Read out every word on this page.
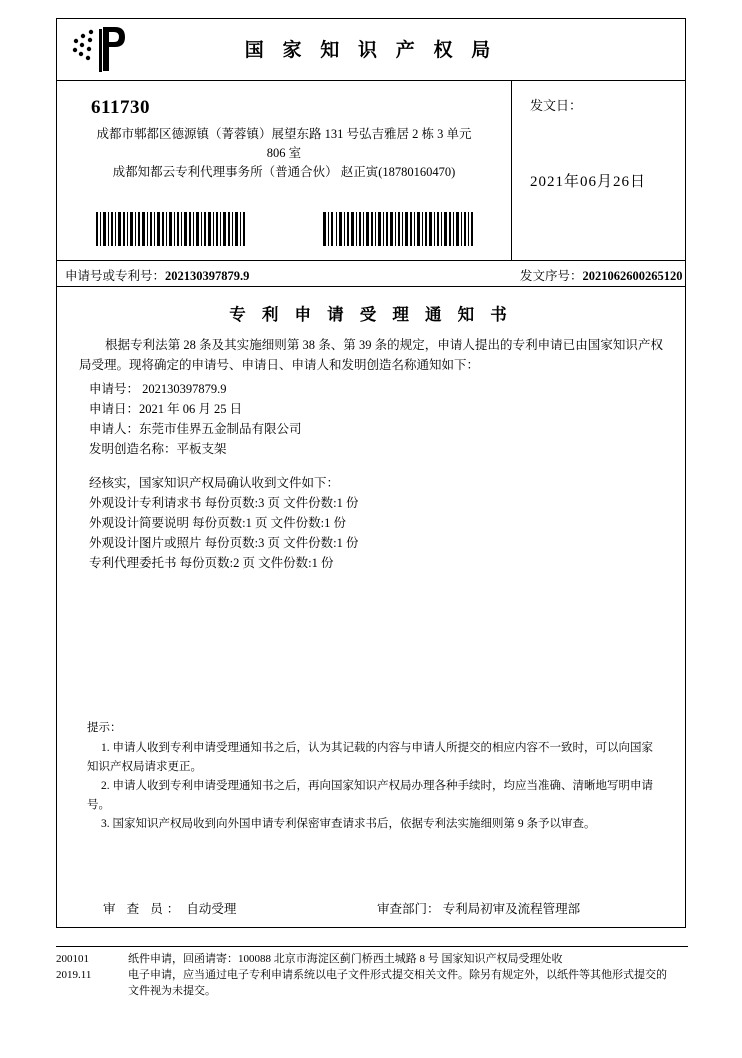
国 家 知 识 产 权 局
611730
成都市郫都区德源镇（菁蓉镇）展望东路 131 号弘吉雅居 2 栋 3 单元
806 室
成都知都云专利代理事务所（普通合伙） 赵正寅(18780160470)
发文日：
2021年06月26日
申请号或专利号：202130397879.9	发文序号：2021062600265120
专 利 申 请 受 理 通 知 书
根据专利法第 28 条及其实施细则第 38 条、第 39 条的规定，申请人提出的专利申请已由国家知识产权局受理。现将确定的申请号、申请日、申请人和发明创造名称通知如下：
申请号： 202130397879.9
申请日：2021 年 06 月 25 日
申请人：东莞市佳界五金制品有限公司
发明创造名称：平板支架
经核实，国家知识产权局确认收到文件如下：
外观设计专利请求书 每份页数:3 页 文件份数:1 份
外观设计简要说明 每份页数:1 页 文件份数:1 份
外观设计图片或照片 每份页数:3 页 文件份数:1 份
专利代理委托书 每份页数:2 页 文件份数:1 份
提示：
1. 申请人收到专利申请受理通知书之后，认为其记载的内容与申请人所提交的相应内容不一致时，可以向国家知识产权局请求更正。
2. 申请人收到专利申请受理通知书之后，再向国家知识产权局办理各种手续时，均应当准确、清晰地写明申请号。
3. 国家知识产权局收到向外国申请专利保密审查请求书后，依据专利法实施细则第 9 条予以审查。
审 查 员： 自动受理	审查部门： 专利局初审及流程管理部
200101
2019.11
纸件申请，回函请寄：100088 北京市海淀区蓟门桥西土城路 8 号 国家知识产权局受理处收
电子申请，应当通过电子专利申请系统以电子文件形式提交相关文件。除另有规定外，以纸件等其他形式提交的
文件视为未提交。
